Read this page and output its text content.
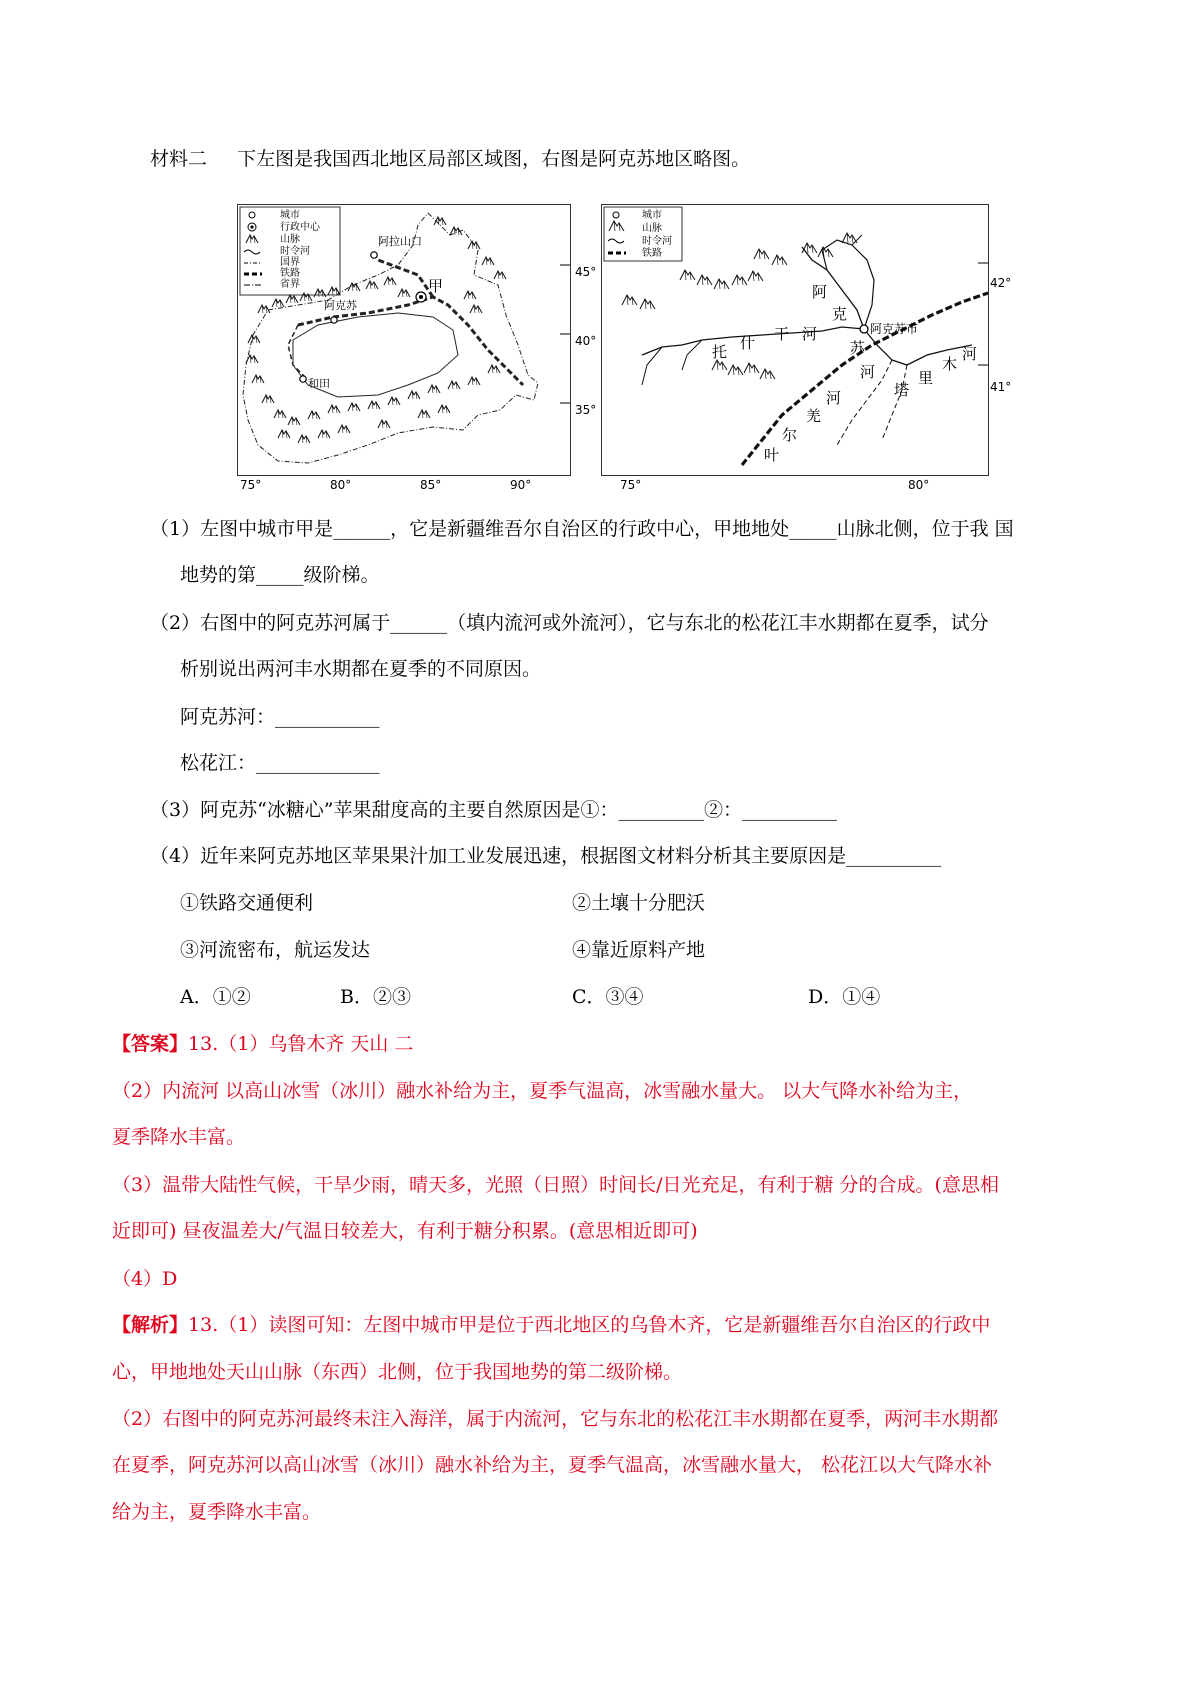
材料二 下左图是我国西北地区局部区域图，右图是阿克苏地区略图。
城市
行政中心
山脉
时令河
国界
铁路
省界
阿拉山口
甲
阿克苏
和田
45°
40°
35°
75°	80°	85°	90°
城市
山脉
时令河
铁路
阿克苏市
阿
克
苏
河
托 什 干 河
塔
里
木
河
叶
尔
羌
河
42°
41°
75°	80°
（1）左图中城市甲是______，它是新疆维吾尔自治区的行政中心，甲地地处_____山脉北侧，位于我 国
地势的第_____级阶梯。
（2）右图中的阿克苏河属于______（填内流河或外流河），它与东北的松花江丰水期都在夏季，试分
析别说出两河丰水期都在夏季的不同原因。
阿克苏河：___________
松花江：_____________
（3）阿克苏“冰糖心”苹果甜度高的主要自然原因是①：_________②：__________
（4）近年来阿克苏地区苹果果汁加工业发展迅速，根据图文材料分析其主要原因是__________
①铁路交通便利	②土壤十分肥沃
③河流密布，航运发达	④靠近原料产地
A．①②	B．②③	C．③④	D．①④
【答案】13.（1）乌鲁木齐 天山 二
（2）内流河 以高山冰雪（冰川）融水补给为主，夏季气温高，冰雪融水量大。 以大气降水补给为主，
夏季降水丰富。
（3）温带大陆性气候，干旱少雨，晴天多，光照（日照）时间长/日光充足，有利于糖 分的合成。(意思相
近即可) 昼夜温差大/气温日较差大，有利于糖分积累。(意思相近即可)
（4）D
【解析】13.（1）读图可知：左图中城市甲是位于西北地区的乌鲁木齐，它是新疆维吾尔自治区的行政中
心，甲地地处天山山脉（东西）北侧，位于我国地势的第二级阶梯。
（2）右图中的阿克苏河最终未注入海洋，属于内流河，它与东北的松花江丰水期都在夏季，两河丰水期都
在夏季，阿克苏河以高山冰雪（冰川）融水补给为主，夏季气温高，冰雪融水量大， 松花江以大气降水补
给为主，夏季降水丰富。
